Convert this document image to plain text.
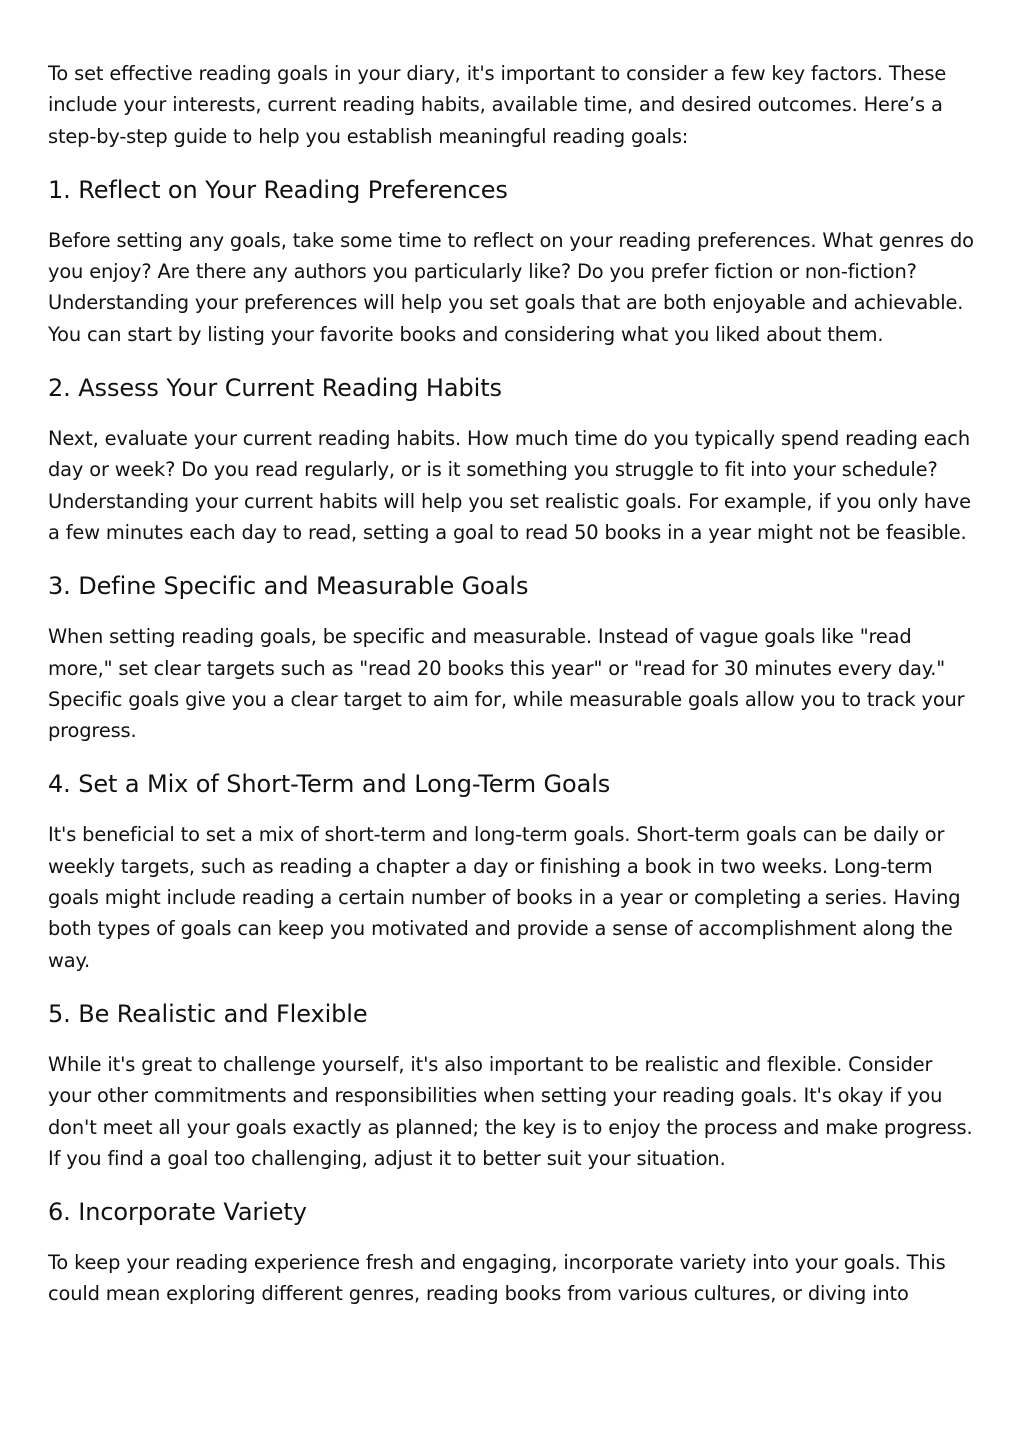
To set effective reading goals in your diary, it's important to consider a few key factors. These include your interests, current reading habits, available time, and desired outcomes. Here’s a step-by-step guide to help you establish meaningful reading goals:

1. Reflect on Your Reading Preferences

Before setting any goals, take some time to reflect on your reading preferences. What genres do you enjoy? Are there any authors you particularly like? Do you prefer fiction or non-fiction? Understanding your preferences will help you set goals that are both enjoyable and achievable. You can start by listing your favorite books and considering what you liked about them.

2. Assess Your Current Reading Habits

Next, evaluate your current reading habits. How much time do you typically spend reading each day or week? Do you read regularly, or is it something you struggle to fit into your schedule? Understanding your current habits will help you set realistic goals. For example, if you only have a few minutes each day to read, setting a goal to read 50 books in a year might not be feasible.

3. Define Specific and Measurable Goals

When setting reading goals, be specific and measurable. Instead of vague goals like "read more," set clear targets such as "read 20 books this year" or "read for 30 minutes every day." Specific goals give you a clear target to aim for, while measurable goals allow you to track your progress.

4. Set a Mix of Short-Term and Long-Term Goals

It's beneficial to set a mix of short-term and long-term goals. Short-term goals can be daily or weekly targets, such as reading a chapter a day or finishing a book in two weeks. Long-term goals might include reading a certain number of books in a year or completing a series. Having both types of goals can keep you motivated and provide a sense of accomplishment along the way.

5. Be Realistic and Flexible

While it's great to challenge yourself, it's also important to be realistic and flexible. Consider your other commitments and responsibilities when setting your reading goals. It's okay if you don't meet all your goals exactly as planned; the key is to enjoy the process and make progress. If you find a goal too challenging, adjust it to better suit your situation.

6. Incorporate Variety

To keep your reading experience fresh and engaging, incorporate variety into your goals. This could mean exploring different genres, reading books from various cultures, or diving into
